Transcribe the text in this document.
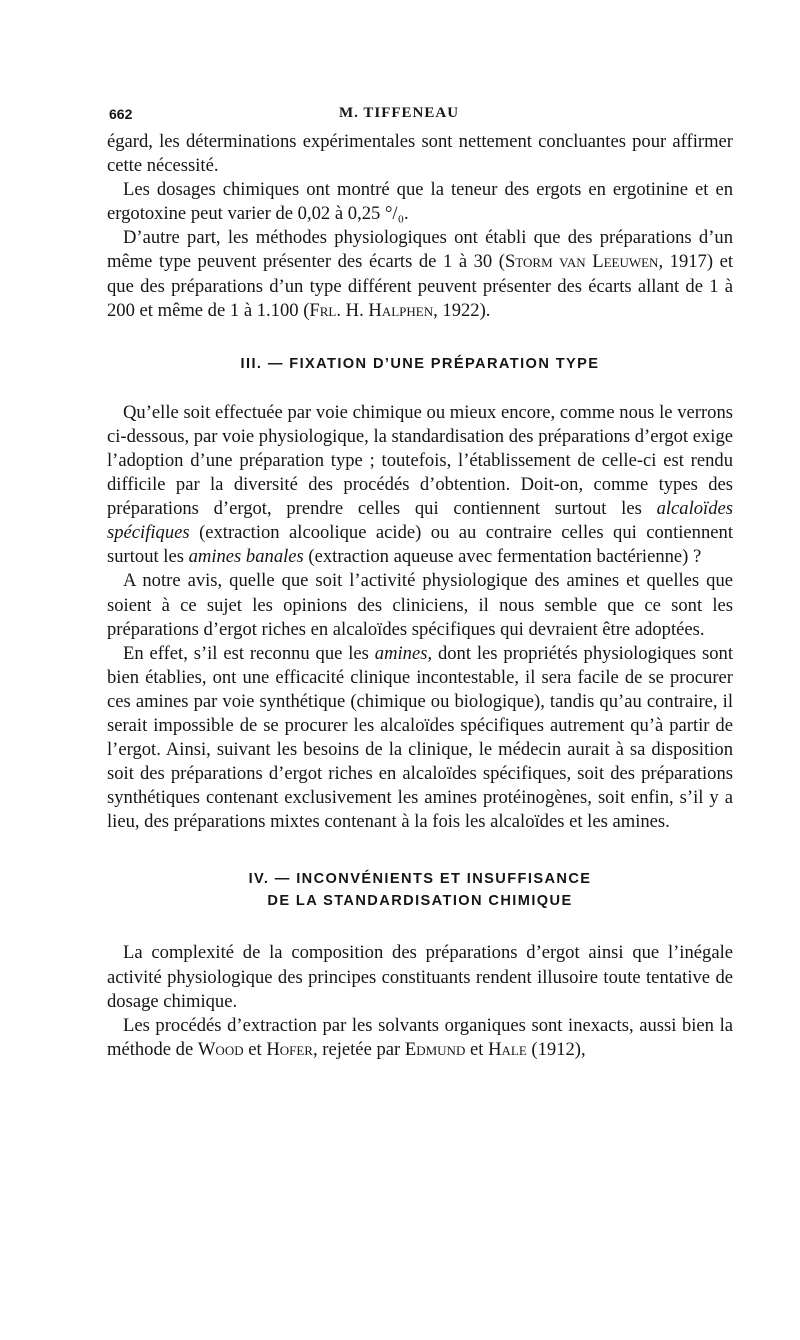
662	M. TIFFENEAU

égard, les déterminations expérimentales sont nettement concluantes pour affirmer cette nécessité.

Les dosages chimiques ont montré que la teneur des ergots en ergotinine et en ergotoxine peut varier de 0,02 à 0,25 °/₀.

D’autre part, les méthodes physiologiques ont établi que des préparations d’un même type peuvent présenter des écarts de 1 à 30 (Storm van Leeuwen, 1917) et que des préparations d’un type différent peuvent présenter des écarts allant de 1 à 200 et même de 1 à 1.100 (Frl. H. Halphen, 1922).

III. — FIXATION D’UNE PRÉPARATION TYPE

Qu’elle soit effectuée par voie chimique ou mieux encore, comme nous le verrons ci-dessous, par voie physiologique, la standardisation des préparations d’ergot exige l’adoption d’une préparation type ; toutefois, l’établissement de celle-ci est rendu difficile par la diversité des procédés d’obtention. Doit-on, comme types des préparations d’ergot, prendre celles qui contiennent surtout les alcaloïdes spécifiques (extraction alcoolique acide) ou au contraire celles qui contiennent surtout les amines banales (extraction aqueuse avec fermentation bactérienne) ?

A notre avis, quelle que soit l’activité physiologique des amines et quelles que soient à ce sujet les opinions des cliniciens, il nous semble que ce sont les préparations d’ergot riches en alcaloïdes spécifiques qui devraient être adoptées.

En effet, s’il est reconnu que les amines, dont les propriétés physiologiques sont bien établies, ont une efficacité clinique incontestable, il sera facile de se procurer ces amines par voie synthétique (chimique ou biologique), tandis qu’au contraire, il serait impossible de se procurer les alcaloïdes spécifiques autrement qu’à partir de l’ergot. Ainsi, suivant les besoins de la clinique, le médecin aurait à sa disposition soit des préparations d’ergot riches en alcaloïdes spécifiques, soit des préparations synthétiques contenant exclusivement les amines protéinogènes, soit enfin, s’il y a lieu, des préparations mixtes contenant à la fois les alcaloïdes et les amines.

IV. — INCONVÉNIENTS ET INSUFFISANCE
DE LA STANDARDISATION CHIMIQUE

La complexité de la composition des préparations d’ergot ainsi que l’inégale activité physiologique des principes constituants rendent illusoire toute tentative de dosage chimique.

Les procédés d’extraction par les solvants organiques sont inexacts, aussi bien la méthode de Wood et Hofer, rejetée par Edmund et Hale (1912),
